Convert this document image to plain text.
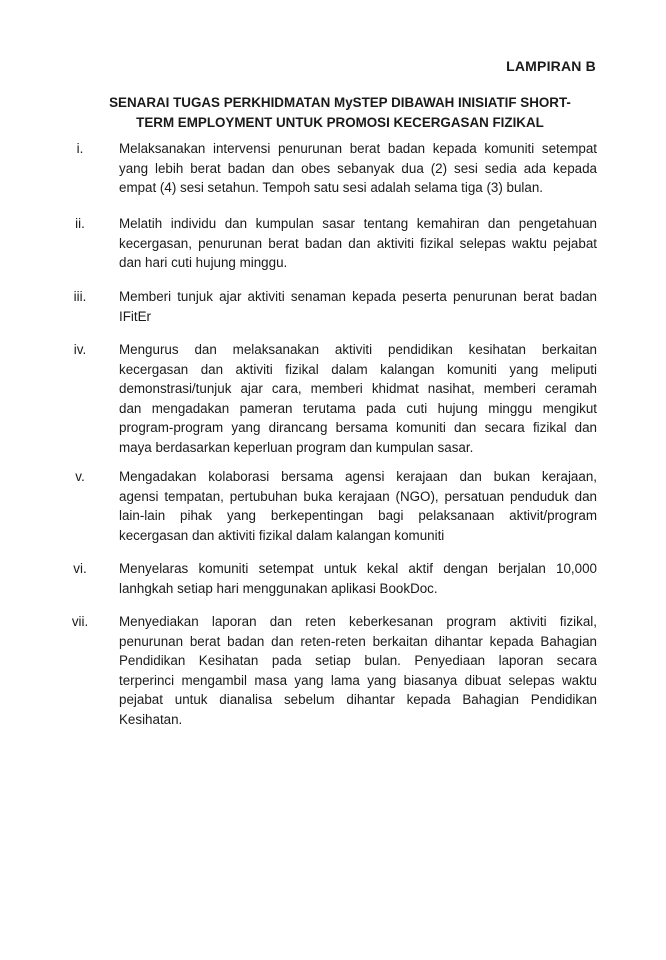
LAMPIRAN B
SENARAI TUGAS PERKHIDMATAN MySTEP DIBAWAH INISIATIF SHORT-
TERM EMPLOYMENT UNTUK PROMOSI KECERGASAN FIZIKAL
i.	Melaksanakan intervensi penurunan berat badan kepada komuniti setempat
yang lebih berat badan dan obes sebanyak dua (2) sesi sedia ada kepada
empat (4) sesi setahun. Tempoh satu sesi adalah selama tiga (3) bulan.
ii.	Melatih individu dan kumpulan sasar tentang kemahiran dan pengetahuan
kecergasan, penurunan berat badan dan aktiviti fizikal selepas waktu pejabat
dan hari cuti hujung minggu.
iii.	Memberi tunjuk ajar aktiviti senaman kepada peserta penurunan berat badan
IFitEr
iv.	Mengurus dan melaksanakan aktiviti pendidikan kesihatan berkaitan
kecergasan dan aktiviti fizikal dalam kalangan komuniti yang meliputi
demonstrasi/tunjuk ajar cara, memberi khidmat nasihat, memberi ceramah
dan mengadakan pameran terutama pada cuti hujung minggu mengikut
program-program yang dirancang bersama komuniti dan secara fizikal dan
maya berdasarkan keperluan program dan kumpulan sasar.
v.	Mengadakan kolaborasi bersama agensi kerajaan dan bukan kerajaan,
agensi tempatan, pertubuhan buka kerajaan (NGO), persatuan penduduk dan
lain-lain pihak yang berkepentingan bagi pelaksanaan aktivit/program
kecergasan dan aktiviti fizikal dalam kalangan komuniti
vi.	Menyelaras komuniti setempat untuk kekal aktif dengan berjalan 10,000
lanhgkah setiap hari menggunakan aplikasi BookDoc.
vii.	Menyediakan laporan dan reten keberkesanan program aktiviti fizikal,
penurunan berat badan dan reten-reten berkaitan dihantar kepada Bahagian
Pendidikan Kesihatan pada setiap bulan. Penyediaan laporan secara
terperinci mengambil masa yang lama yang biasanya dibuat selepas waktu
pejabat untuk dianalisa sebelum dihantar kepada Bahagian Pendidikan
Kesihatan.
